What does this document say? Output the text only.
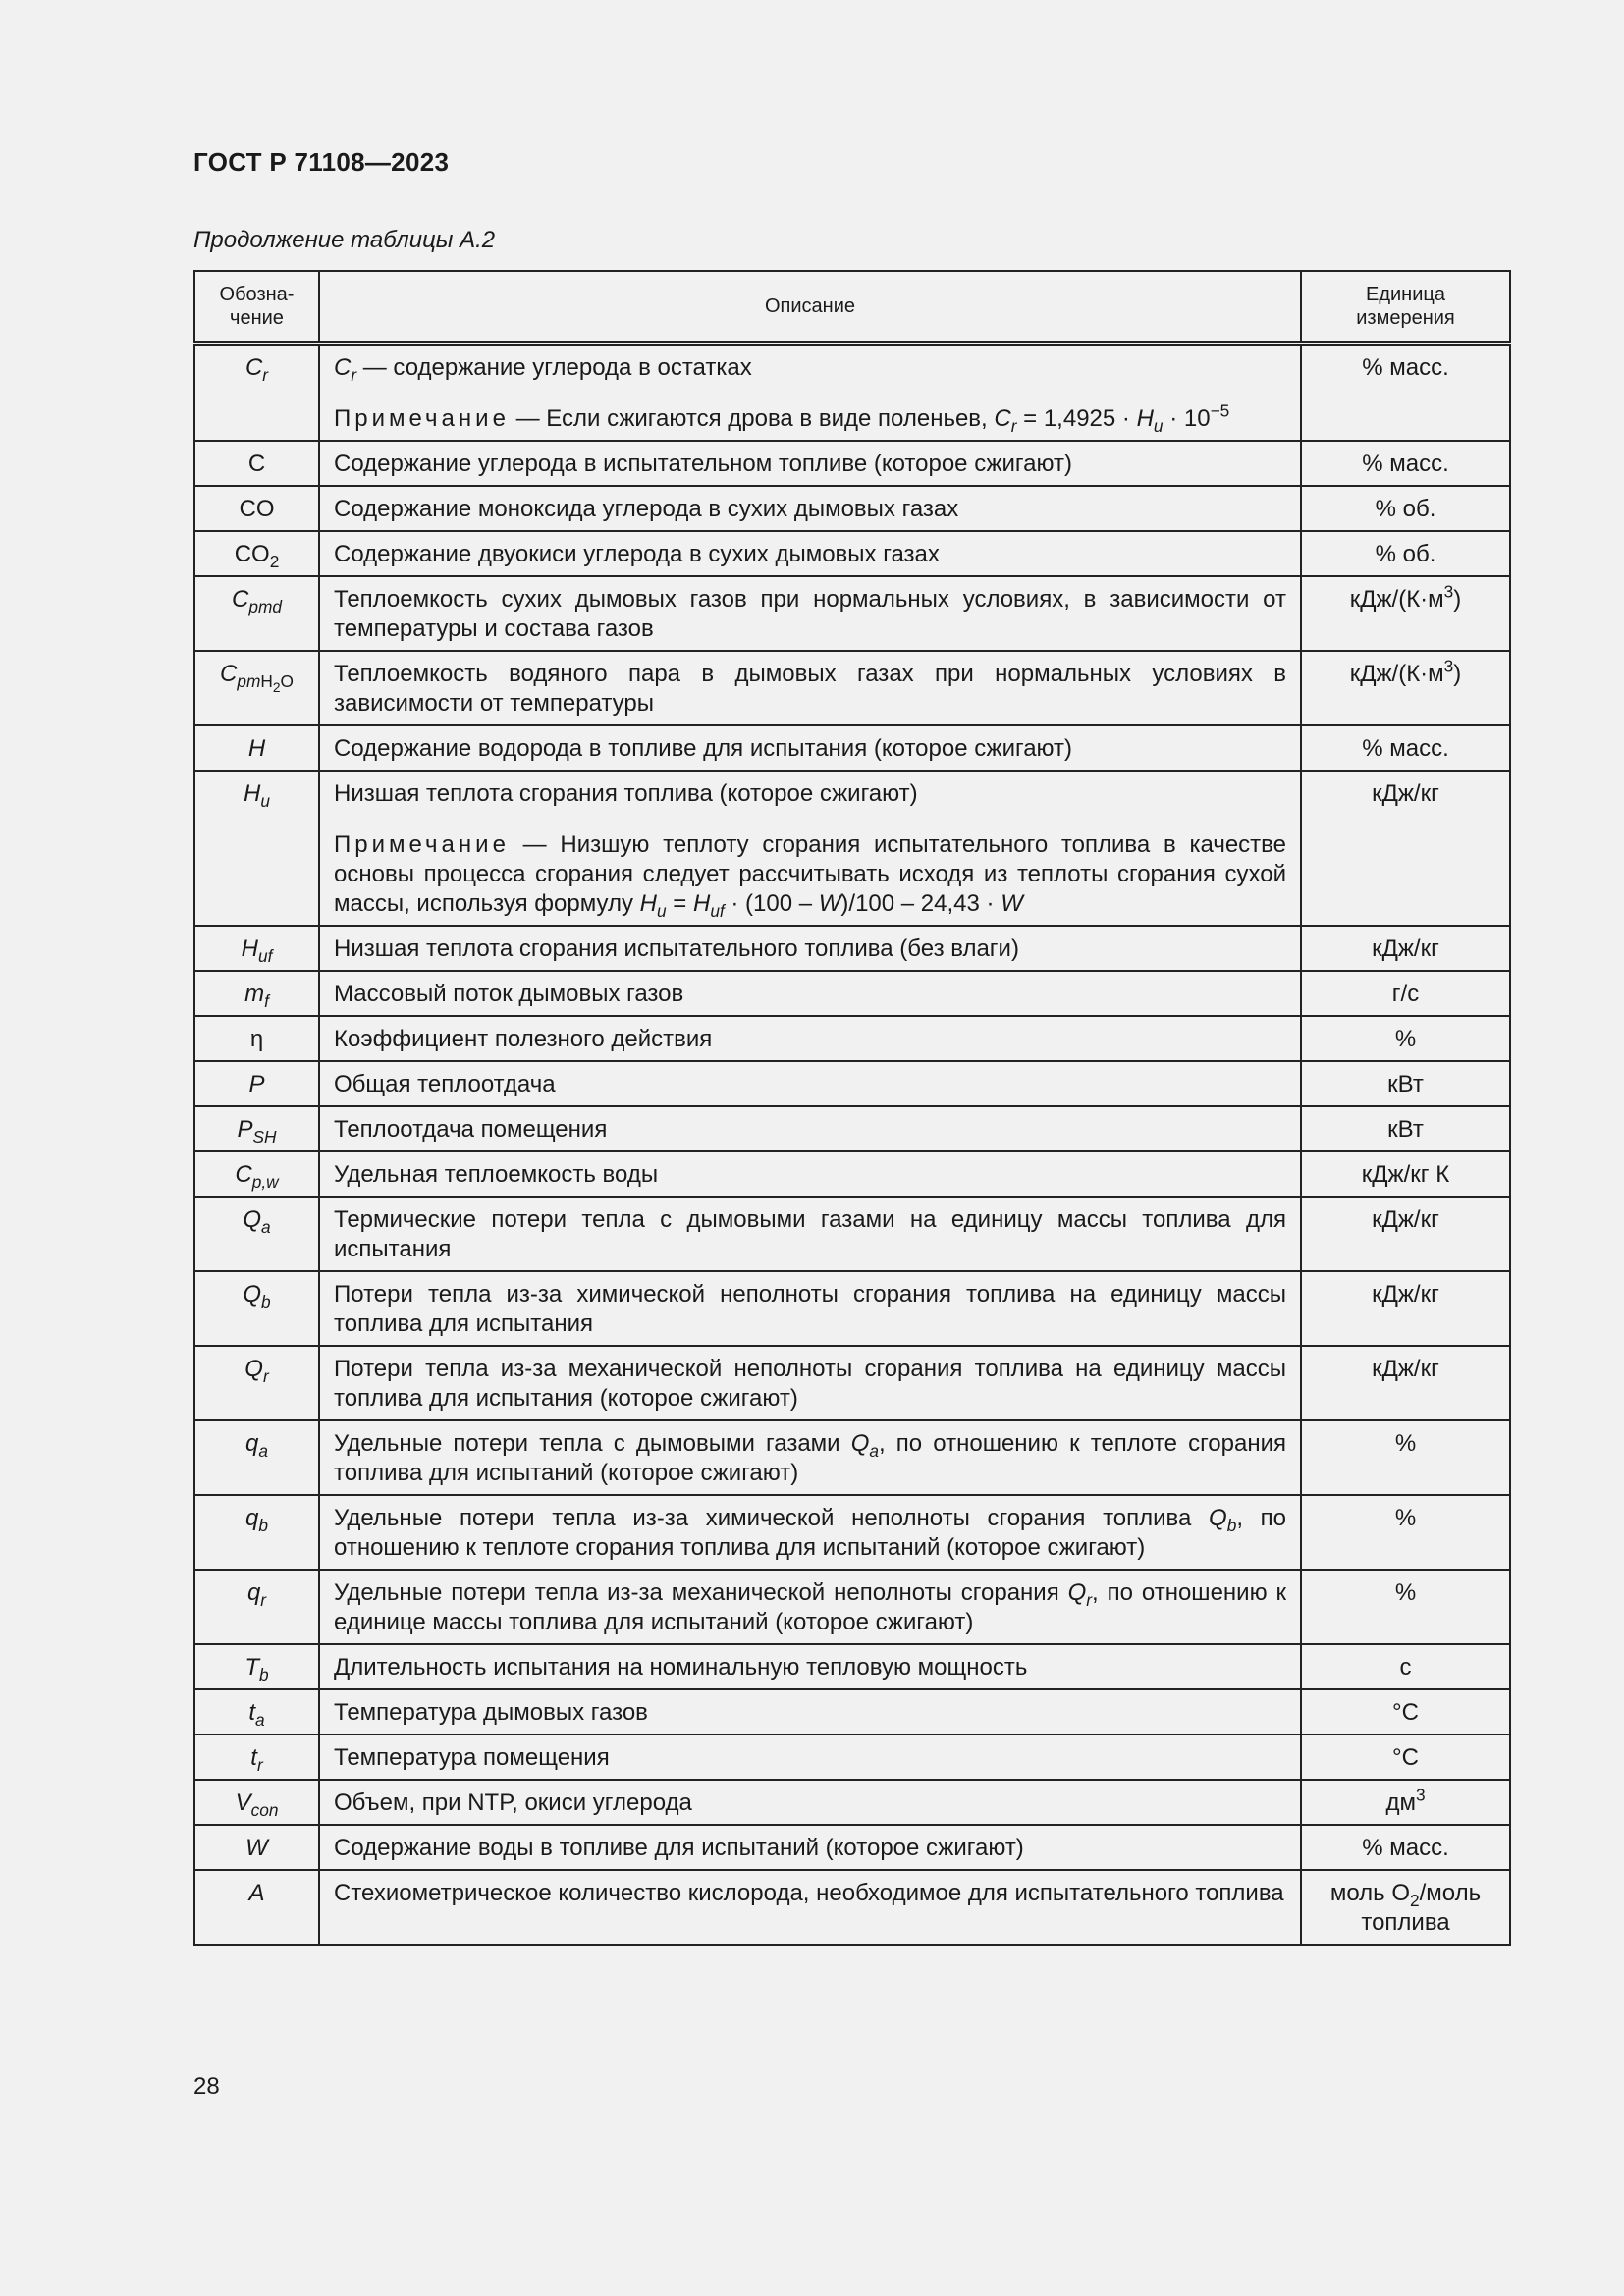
ГОСТ Р 71108—2023
Продолжение таблицы А.2
Обозна-
чение	Описание	Единица
измерения
$C_r$	$C_r$ — содержание углерода в остатках
Примечание — Если сжигаются дрова в виде поленьев, $C_r = 1,4925 \cdot H_u \cdot 10^{-5}$	% масс.
C	Содержание углерода в испытательном топливе (которое сжигают)	% масс.
CO	Содержание моноксида углерода в сухих дымовых газах	% об.
$CO_2$	Содержание двуокиси углерода в сухих дымовых газах	% об.
$C_{pmd}$	Теплоемкость сухих дымовых газов при нормальных условиях, в зависимости от температуры и состава газов	кДж/$(К\cdot м^3)$
$C_{pmH_2O}$	Теплоемкость водяного пара в дымовых газах при нормальных условиях в зависимости от температуры	кДж/$(К\cdot м^3)$
H	Содержание водорода в топливе для испытания (которое сжигают)	% масс.
$H_u$	Низшая теплота сгорания топлива (которое сжигают)
Примечание — Низшую теплоту сгорания испытательного топлива в качестве основы процесса сгорания следует рассчитывать исходя из теплоты сгорания сухой массы, используя формулу $H_u = H_{uf} \cdot (100 - W)/100 - 24,43 \cdot W$	кДж/кг
$H_{uf}$	Низшая теплота сгорания испытательного топлива (без влаги)	кДж/кг
$m_f$	Массовый поток дымовых газов	г/с
η	Коэффициент полезного действия	%
P	Общая теплоотдача	кВт
$P_{SH}$	Теплоотдача помещения	кВт
$C_{p,w}$	Удельная теплоемкость воды	кДж/кг К
$Q_a$	Термические потери тепла с дымовыми газами на единицу массы топлива для испытания	кДж/кг
$Q_b$	Потери тепла из-за химической неполноты сгорания топлива на единицу массы топлива для испытания	кДж/кг
$Q_r$	Потери тепла из-за механической неполноты сгорания топлива на единицу массы топлива для испытания (которое сжигают)	кДж/кг
$q_a$	Удельные потери тепла с дымовыми газами $Q_a$, по отношению к теплоте сгорания топлива для испытаний (которое сжигают)	%
$q_b$	Удельные потери тепла из-за химической неполноты сгорания топлива $Q_b$, по отношению к теплоте сгорания топлива для испытаний (которое сжигают)	%
$q_r$	Удельные потери тепла из-за механической неполноты сгорания $Q_r$, по отношению к единице массы топлива для испытаний (которое сжигают)	%
$T_b$	Длительность испытания на номинальную тепловую мощность	с
$t_a$	Температура дымовых газов	°С
$t_r$	Температура помещения	°С
$V_{con}$	Объем, при NTP, окиси углерода	$дм^3$
W	Содержание воды в топливе для испытаний (которое сжигают)	% масс.
A	Стехиометрическое количество кислорода, необходимое для испытательного топлива	моль $O_2$/моль
топлива
28
